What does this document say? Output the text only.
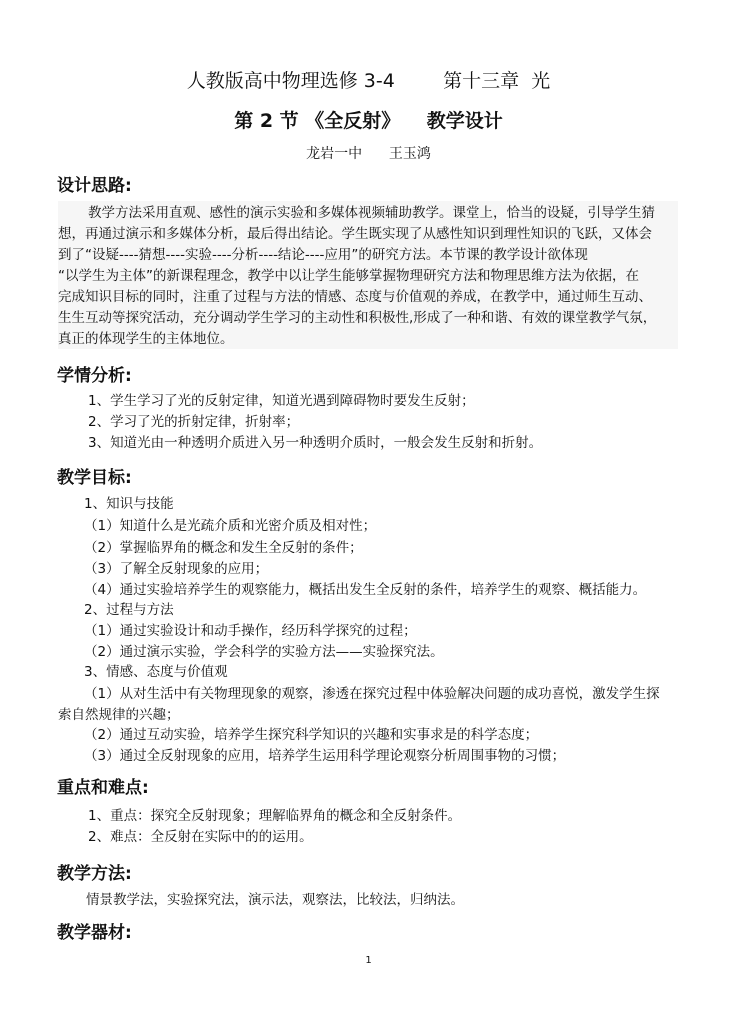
人教版高中物理选修 3-4        第十三章  光
第 2 节 《全反射》    教学设计
龙岩一中      王玉鸿
设计思路:
教学方法采用直观、感性的演示实验和多媒体视频辅助教学。课堂上，恰当的设疑，引导学生猜
想，再通过演示和多媒体分析，最后得出结论。学生既实现了从感性知识到理性知识的飞跃，又体会
到了“设疑----猜想----实验----分析----结论----应用”的研究方法。本节课的教学设计欲体现
“以学生为主体”的新课程理念，教学中以让学生能够掌握物理研究方法和物理思维方法为依据，在
完成知识目标的同时，注重了过程与方法的情感、态度与价值观的养成，在教学中，通过师生互动、
生生互动等探究活动，充分调动学生学习的主动性和积极性,形成了一种和谐、有效的课堂教学气氛，
真正的体现学生的主体地位。
学情分析:
1、学生学习了光的反射定律，知道光遇到障碍物时要发生反射；
2、学习了光的折射定律，折射率；
3、知道光由一种透明介质进入另一种透明介质时，一般会发生反射和折射。
教学目标:
1、知识与技能
（1）知道什么是光疏介质和光密介质及相对性；
（2）掌握临界角的概念和发生全反射的条件；
（3）了解全反射现象的应用；
（4）通过实验培养学生的观察能力，概括出发生全反射的条件，培养学生的观察、概括能力。
2、过程与方法
（1）通过实验设计和动手操作，经历科学探究的过程；
（2）通过演示实验，学会科学的实验方法——实验探究法。
3、情感、态度与价值观
（1）从对生活中有关物理现象的观察，渗透在探究过程中体验解决问题的成功喜悦，激发学生探
索自然规律的兴趣；
（2）通过互动实验，培养学生探究科学知识的兴趣和实事求是的科学态度；
（3）通过全反射现象的应用，培养学生运用科学理论观察分析周围事物的习惯；
重点和难点:
1、重点：探究全反射现象；理解临界角的概念和全反射条件。
2、难点：全反射在实际中的的运用。
教学方法:
情景教学法，实验探究法，演示法，观察法，比较法，归纳法。
教学器材:
1
